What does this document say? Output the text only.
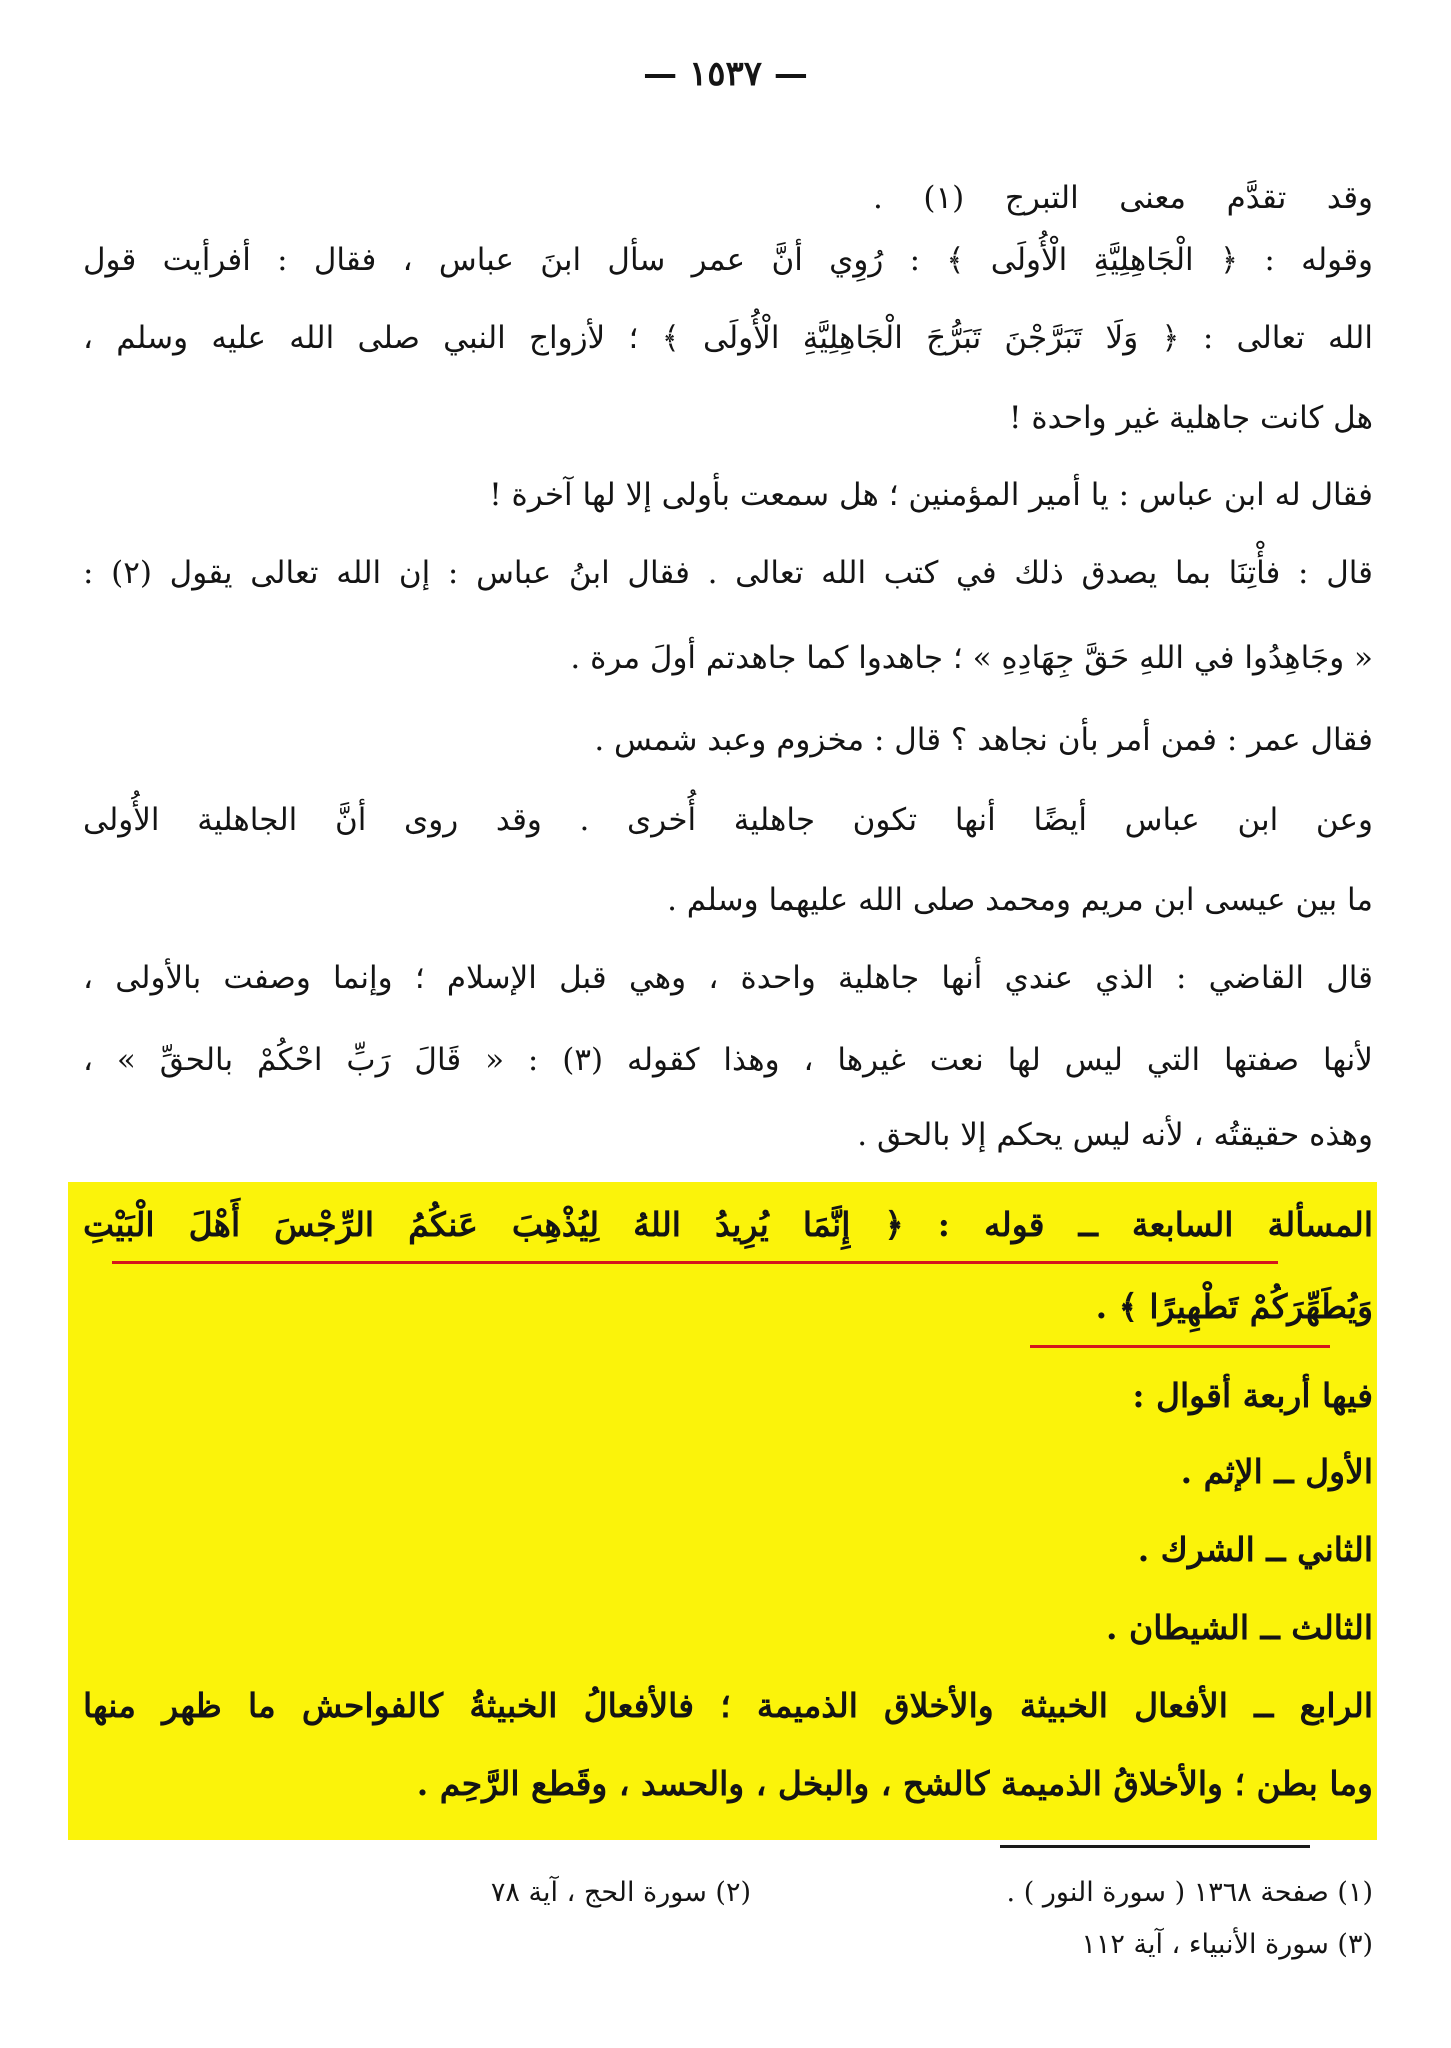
— ١٥٣٧ —
وقد تقدَّم معنى التبرج (١) .
وقوله : ﴿ الْجَاهِلِيَّةِ الْأُولَى ﴾ : رُوِي أنَّ عمر سأل ابنَ عباس ، فقال : أفرأيت قول
الله تعالى : ﴿ وَلَا تَبَرَّجْنَ تَبَرُّجَ الْجَاهِلِيَّةِ الْأُولَى ﴾ ؛ لأزواج النبي صلى الله عليه وسلم ،
هل كانت جاهلية غير واحدة !
فقال له ابن عباس : يا أمير المؤمنين ؛ هل سمعت بأولى إلا لها آخرة !
قال : فأْتِنَا بما يصدق ذلك في كتب الله تعالى . فقال ابنُ عباس : إن الله تعالى يقول (٢) :
« وجَاهِدُوا في اللهِ حَقَّ جِهَادِهِ » ؛ جاهدوا كما جاهدتم أولَ مرة .
فقال عمر : فمن أمر بأن نجاهد ؟ قال : مخزوم وعبد شمس .
وعن ابن عباس أيضًا أنها تكون جاهلية أُخرى . وقد روى أنَّ الجاهلية الأُولى
ما بين عيسى ابن مريم ومحمد صلى الله عليهما وسلم .
قال القاضي : الذي عندي أنها جاهلية واحدة ، وهي قبل الإسلام ؛ وإنما وصفت بالأولى ،
لأنها صفتها التي ليس لها نعت غيرها ، وهذا كقوله (٣) : « قَالَ رَبِّ احْكُمْ بالحقِّ » ،
وهذه حقيقتُه ، لأنه ليس يحكم إلا بالحق .
المسألة السابعة ــ قوله : ﴿ إِنَّمَا يُرِيدُ اللهُ لِيُذْهِبَ عَنكُمُ الرِّجْسَ أَهْلَ الْبَيْتِ
وَيُطَهِّرَكُمْ تَطْهِيرًا ﴾ .
فيها أربعة أقوال :
الأول ــ الإثم .
الثاني ــ الشرك .
الثالث ــ الشيطان .
الرابع ــ الأفعال الخبيثة والأخلاق الذميمة ؛ فالأفعالُ الخبيثةُ كالفواحش ما ظهر منها
وما بطن ؛ والأخلاقُ الذميمة كالشح ، والبخل ، والحسد ، وقَطع الرَّحِم .
(١) صفحة ١٣٦٨ ( سورة النور ) .
(٢) سورة الحج ، آية ٧٨
(٣) سورة الأنبياء ، آية ١١٢
